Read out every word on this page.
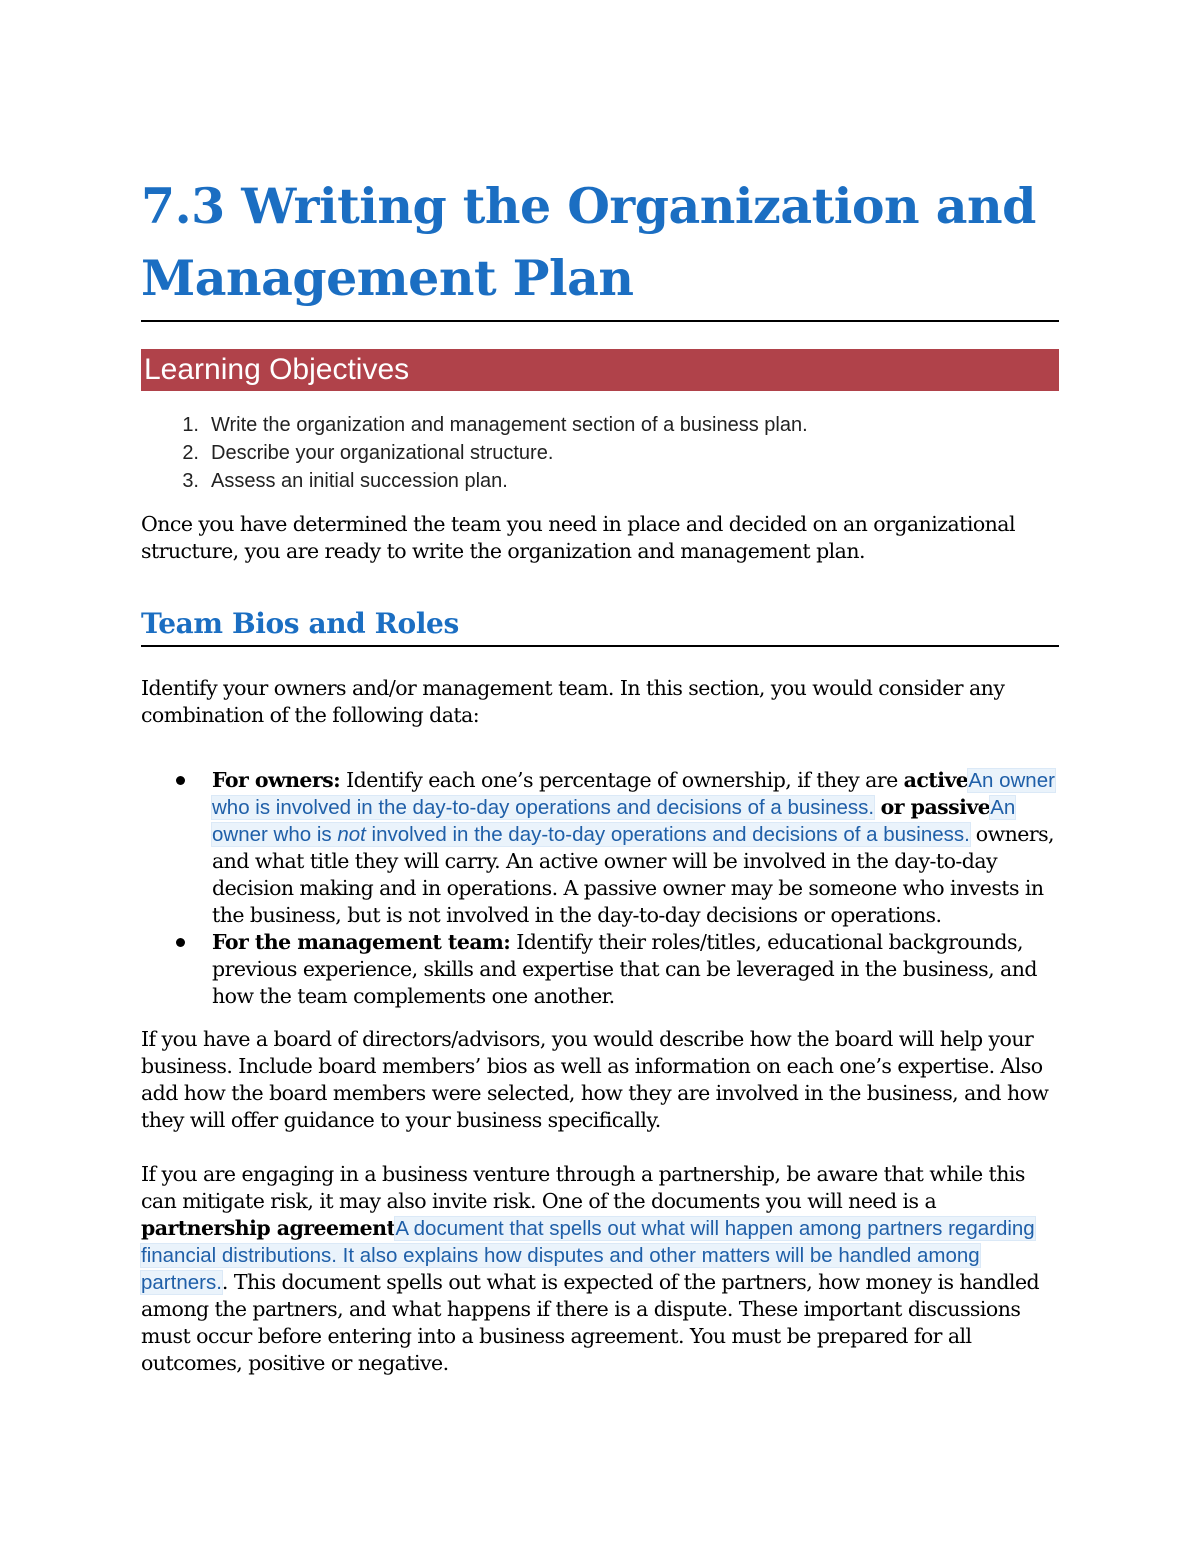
7.3 Writing the Organization and Management Plan
Learning Objectives
1. Write the organization and management section of a business plan.
2. Describe your organizational structure.
3. Assess an initial succession plan.

Once you have determined the team you need in place and decided on an organizational structure, you are ready to write the organization and management plan.

Team Bios and Roles

Identify your owners and/or management team. In this section, you would consider any combination of the following data:

For owners: Identify each one’s percentage of ownership, if they are activeAn owner who is involved in the day-to-day operations and decisions of a business. or passiveAn owner who is not involved in the day-to-day operations and decisions of a business. owners, and what title they will carry. An active owner will be involved in the day-to-day decision making and in operations. A passive owner may be someone who invests in the business, but is not involved in the day-to-day decisions or operations.
For the management team: Identify their roles/titles, educational backgrounds, previous experience, skills and expertise that can be leveraged in the business, and how the team complements one another.

If you have a board of directors/advisors, you would describe how the board will help your business. Include board members’ bios as well as information on each one’s expertise. Also add how the board members were selected, how they are involved in the business, and how they will offer guidance to your business specifically.

If you are engaging in a business venture through a partnership, be aware that while this can mitigate risk, it may also invite risk. One of the documents you will need is a partnership agreementA document that spells out what will happen among partners regarding financial distributions. It also explains how disputes and other matters will be handled among partners.. This document spells out what is expected of the partners, how money is handled among the partners, and what happens if there is a dispute. These important discussions must occur before entering into a business agreement. You must be prepared for all outcomes, positive or negative.
